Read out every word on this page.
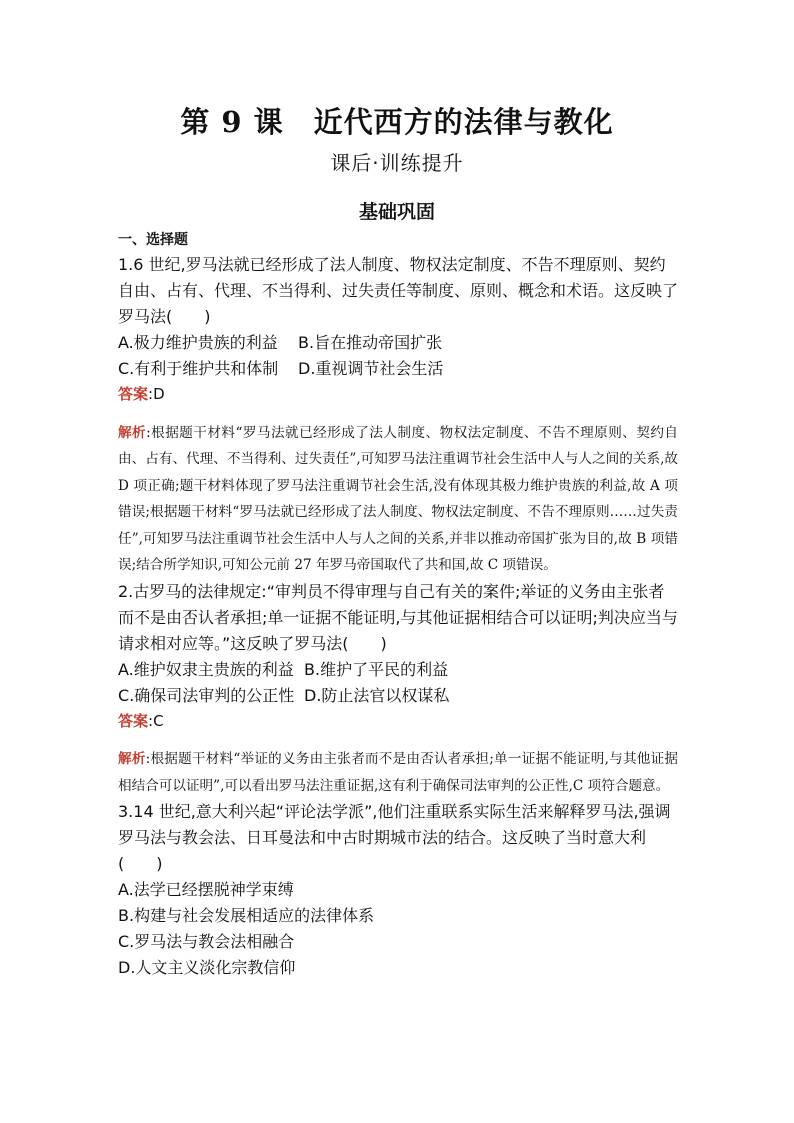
第 9 课　近代西方的法律与教化
课后·训练提升
基础巩固
一、选择题

1.6 世纪,罗马法就已经形成了法人制度、物权法定制度、不告不理原则、契约自由、占有、代理、不当得利、过失责任等制度、原则、概念和术语。这反映了罗马法(　　)

A.极力维护贵族的利益	B.旨在推动帝国扩张
C.有利于维护共和体制	D.重视调节社会生活
答案:D

解析:根据题干材料“罗马法就已经形成了法人制度、物权法定制度、不告不理原则、契约自由、占有、代理、不当得利、过失责任”,可知罗马法注重调节社会生活中人与人之间的关系,故 D 项正确;题干材料体现了罗马法注重调节社会生活,没有体现其极力维护贵族的利益,故 A 项错误;根据题干材料“罗马法就已经形成了法人制度、物权法定制度、不告不理原则……过失责任”,可知罗马法注重调节社会生活中人与人之间的关系,并非以推动帝国扩张为目的,故 B 项错误;结合所学知识,可知公元前 27 年罗马帝国取代了共和国,故 C 项错误。

2.古罗马的法律规定:“审判员不得审理与自己有关的案件;举证的义务由主张者而不是由否认者承担;单一证据不能证明,与其他证据相结合可以证明;判决应当与请求相对应等。”这反映了罗马法(　　)

A.维护奴隶主贵族的利益 B.维护了平民的利益
C.确保司法审判的公正性 D.防止法官以权谋私
答案:C

解析:根据题干材料“举证的义务由主张者而不是由否认者承担;单一证据不能证明,与其他证据相结合可以证明”,可以看出罗马法注重证据,这有利于确保司法审判的公正性,C 项符合题意。

3.14 世纪,意大利兴起“评论法学派”,他们注重联系实际生活来解释罗马法,强调罗马法与教会法、日耳曼法和中古时期城市法的结合。这反映了当时意大利

(　　)
A.法学已经摆脱神学束缚
B.构建与社会发展相适应的法律体系
C.罗马法与教会法相融合
D.人文主义淡化宗教信仰
